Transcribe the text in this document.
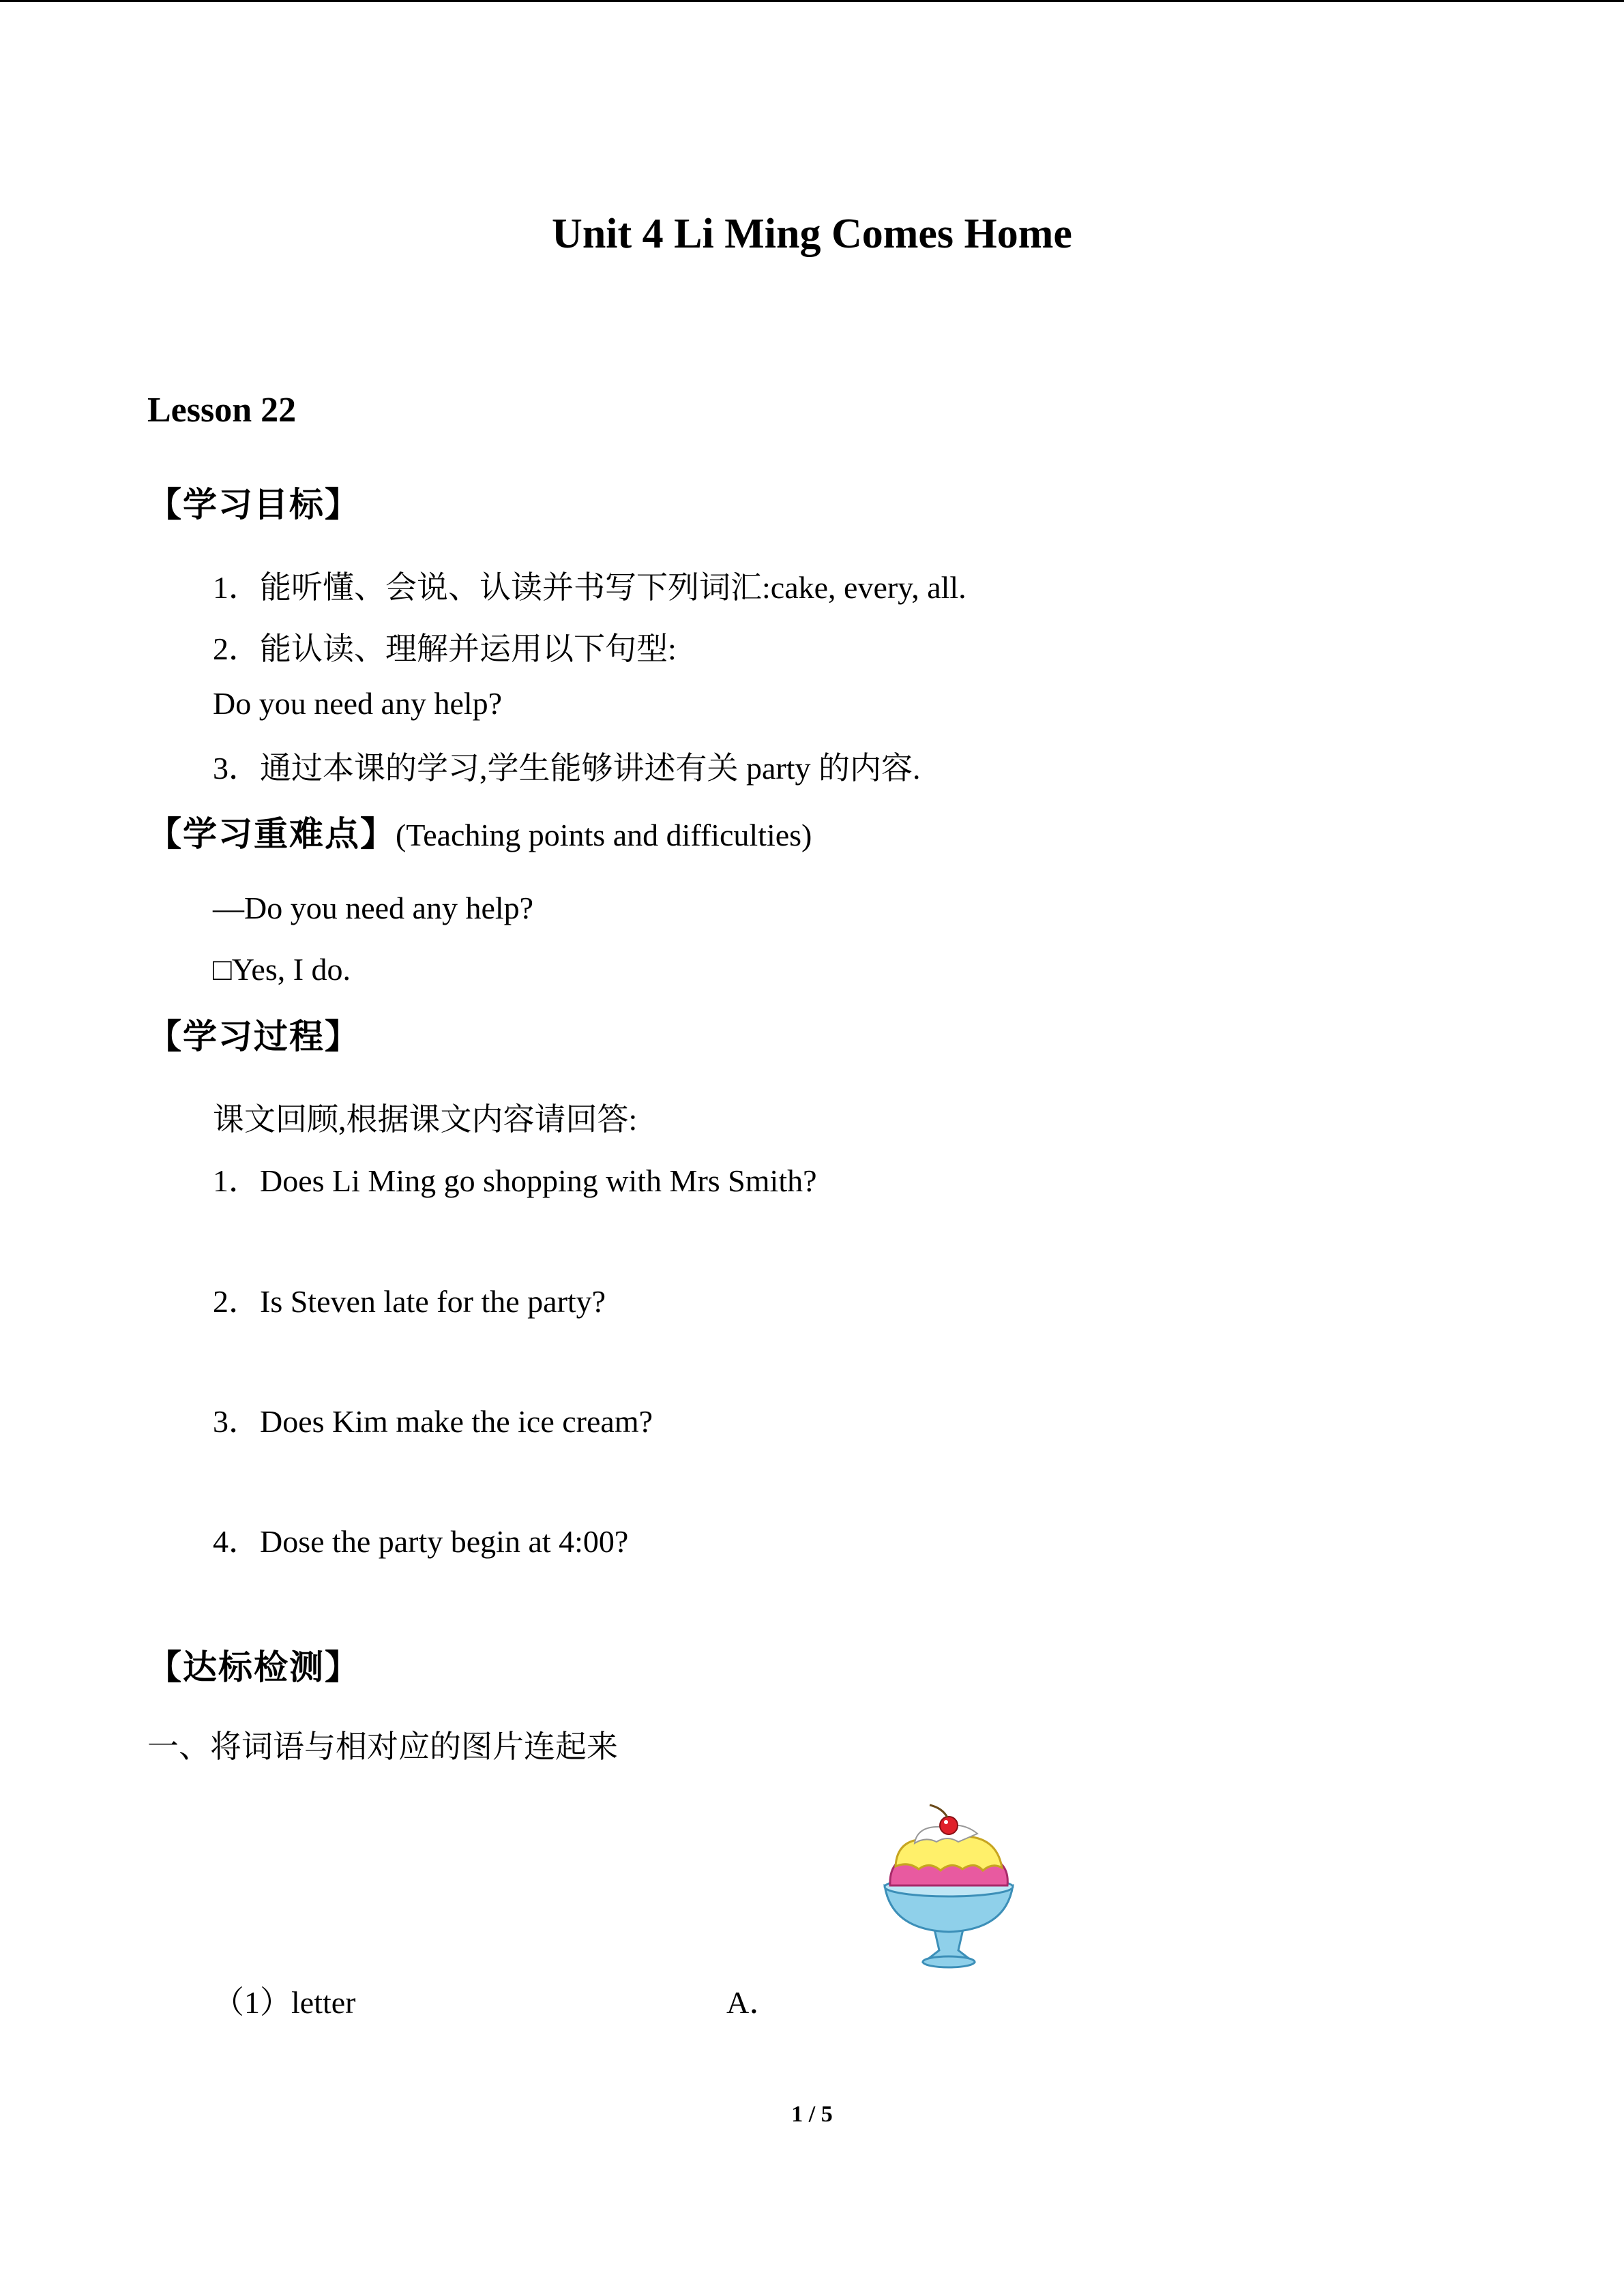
Unit 4 Li Ming Comes Home
Lesson 22
【学习目标】
1．能听懂、会说、认读并书写下列词汇:cake, every, all.
2．能认读、理解并运用以下句型:
Do you need any help?
3．通过本课的学习,学生能够讲述有关 party 的内容.
【学习重难点】(Teaching points and difficulties)
—Do you need any help?
□Yes, I do.
【学习过程】
课文回顾,根据课文内容请回答:
1．Does Li Ming go shopping with Mrs Smith?
2．Is Steven late for the party?
3．Does Kim make the ice cream?
4．Dose the party begin at 4:00?
【达标检测】
一、将词语与相对应的图片连起来
（1）letter	A．
1 / 5
